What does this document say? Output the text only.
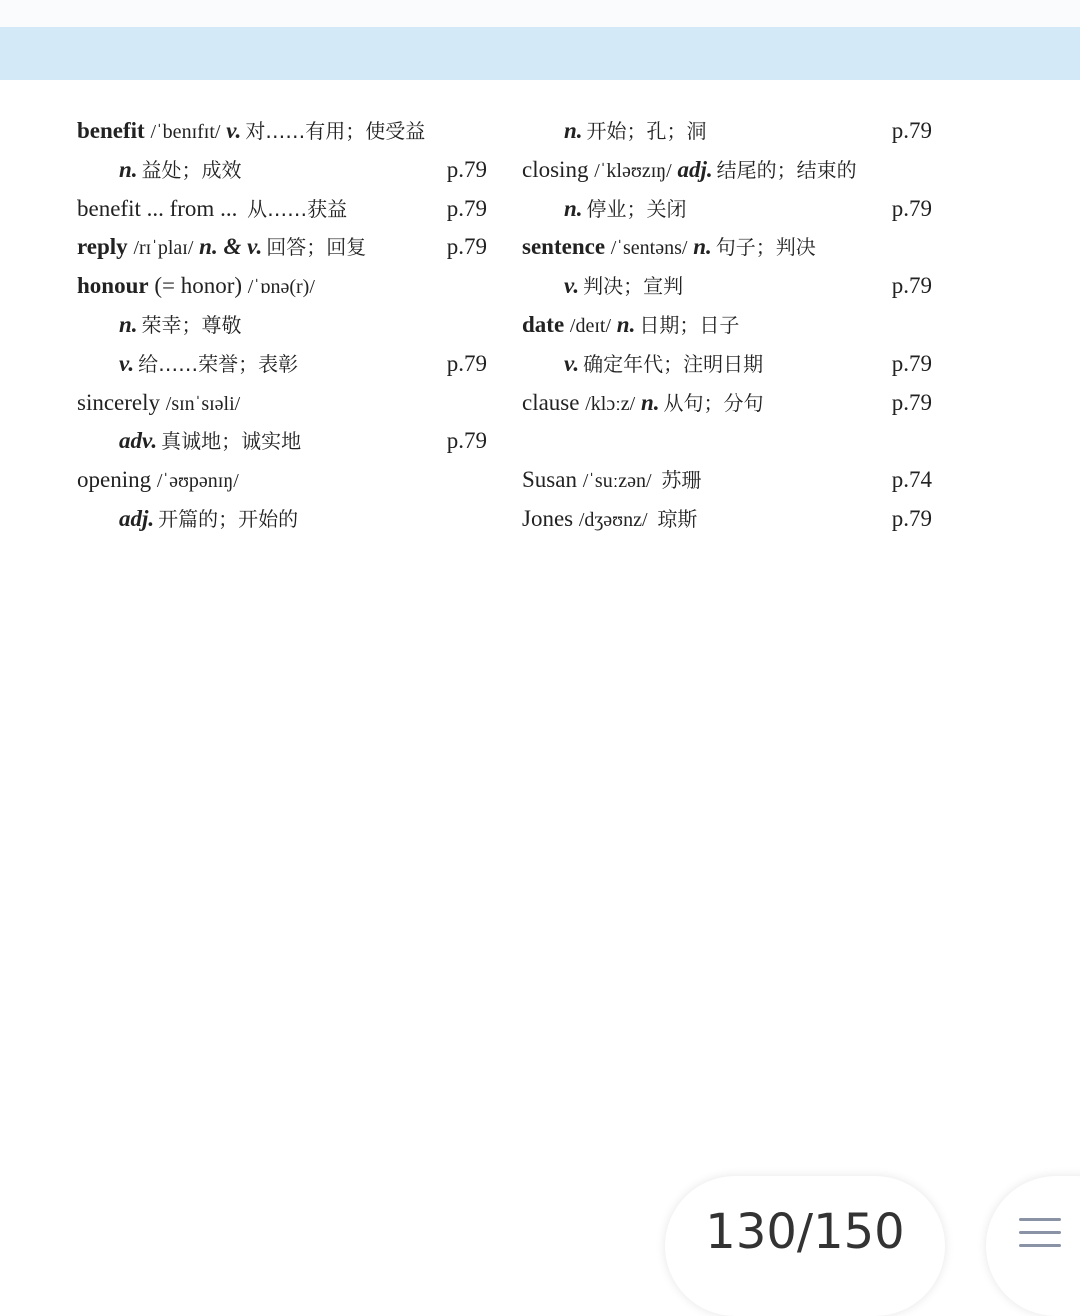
benefit /ˈbenɪfɪt/ v. 对……有用；使受益
n. 益处；成效	p.79
benefit ... from ... 从……获益	p.79
reply /rɪˈplaɪ/ n. & v. 回答；回复	p.79
honour (= honor) /ˈɒnə(r)/
n. 荣幸；尊敬
v. 给……荣誉；表彰	p.79
sincerely /sɪnˈsɪəli/
adv. 真诚地；诚实地	p.79
opening /ˈəʊpənɪŋ/
adj. 开篇的；开始的
n. 开始；孔；洞	p.79
closing /ˈkləʊzɪŋ/ adj. 结尾的；结束的
n. 停业；关闭	p.79
sentence /ˈsentəns/ n. 句子；判决
v. 判决；宣判	p.79
date /deɪt/ n. 日期；日子
v. 确定年代；注明日期	p.79
clause /klɔːz/ n. 从句；分句	p.79
Susan /ˈsuːzən/ 苏珊	p.74
Jones /dʒəʊnz/ 琼斯	p.79
130/150
